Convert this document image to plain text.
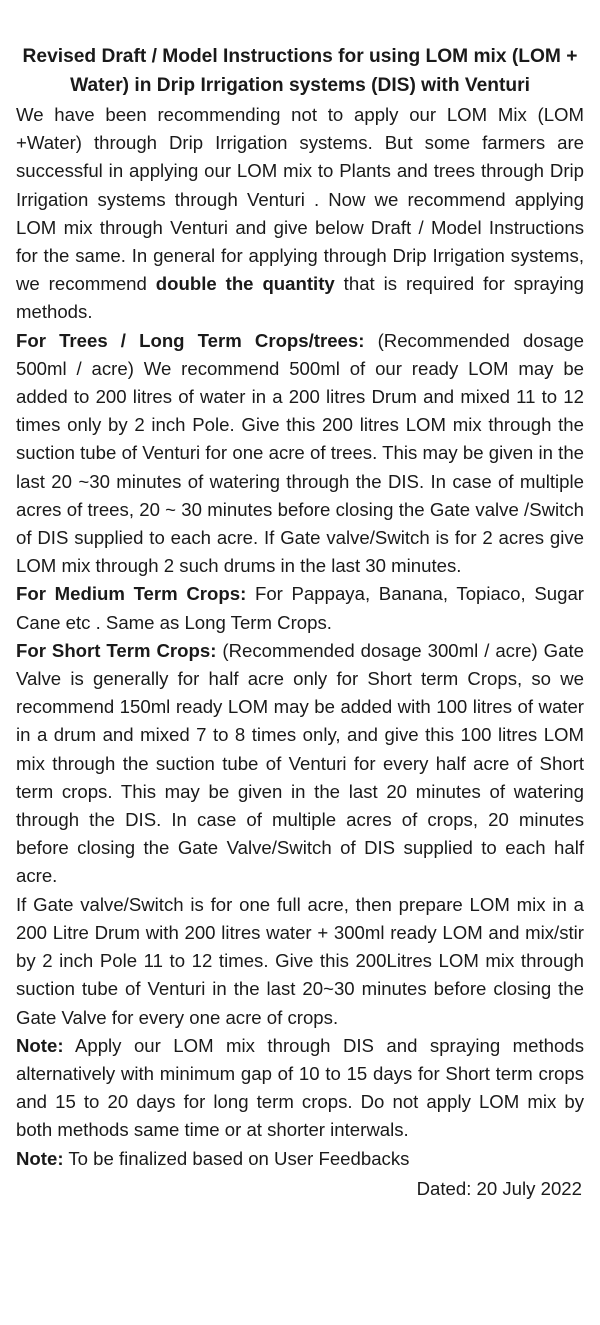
Revised Draft / Model Instructions for using LOM mix (LOM + Water) in Drip Irrigation systems (DIS) with Venturi

We have been recommending not to apply our LOM Mix (LOM +Water) through Drip Irrigation systems. But some farmers are successful in applying our LOM mix to Plants and trees through Drip Irrigation systems through Venturi . Now we recommend applying LOM mix through Venturi and give below Draft / Model Instructions for the same. In general for applying through Drip Irrigation systems, we recommend double the quantity that is required for spraying methods.

For Trees / Long Term Crops/trees: (Recommended dosage 500ml / acre) We recommend 500ml of our ready LOM may be added to 200 litres of water in a 200 litres Drum and mixed 11 to 12 times only by 2 inch Pole. Give this 200 litres LOM mix through the suction tube of Venturi for one acre of trees. This may be given in the last 20 ~30 minutes of watering through the DIS. In case of multiple acres of trees, 20 ~ 30 minutes before closing the Gate valve /Switch of DIS supplied to each acre. If Gate valve/Switch is for 2 acres give LOM mix through 2 such drums in the last 30 minutes.

For Medium Term Crops: For Pappaya, Banana, Topiaco, Sugar Cane etc . Same as Long Term Crops.

For Short Term Crops: (Recommended dosage 300ml / acre) Gate Valve is generally for half acre only for Short term Crops, so we recommend 150ml ready LOM may be added with 100 litres of water in a drum and mixed 7 to 8 times only, and give this 100 litres LOM mix through the suction tube of Venturi for every half acre of Short term crops. This may be given in the last 20 minutes of watering through the DIS. In case of multiple acres of crops, 20 minutes before closing the Gate Valve/Switch of DIS supplied to each half acre.

If Gate valve/Switch is for one full acre, then prepare LOM mix in a 200 Litre Drum with 200 litres water + 300ml ready LOM and mix/stir by 2 inch Pole 11 to 12 times. Give this 200Litres LOM mix through suction tube of Venturi in the last 20~30 minutes before closing the Gate Valve for every one acre of crops.

Note: Apply our LOM mix through DIS and spraying methods alternatively with minimum gap of 10 to 15 days for Short term crops and 15 to 20 days for long term crops. Do not apply LOM mix by both methods same time or at shorter interwals.

Note: To be finalized based on User Feedbacks

Dated: 20 July 2022
